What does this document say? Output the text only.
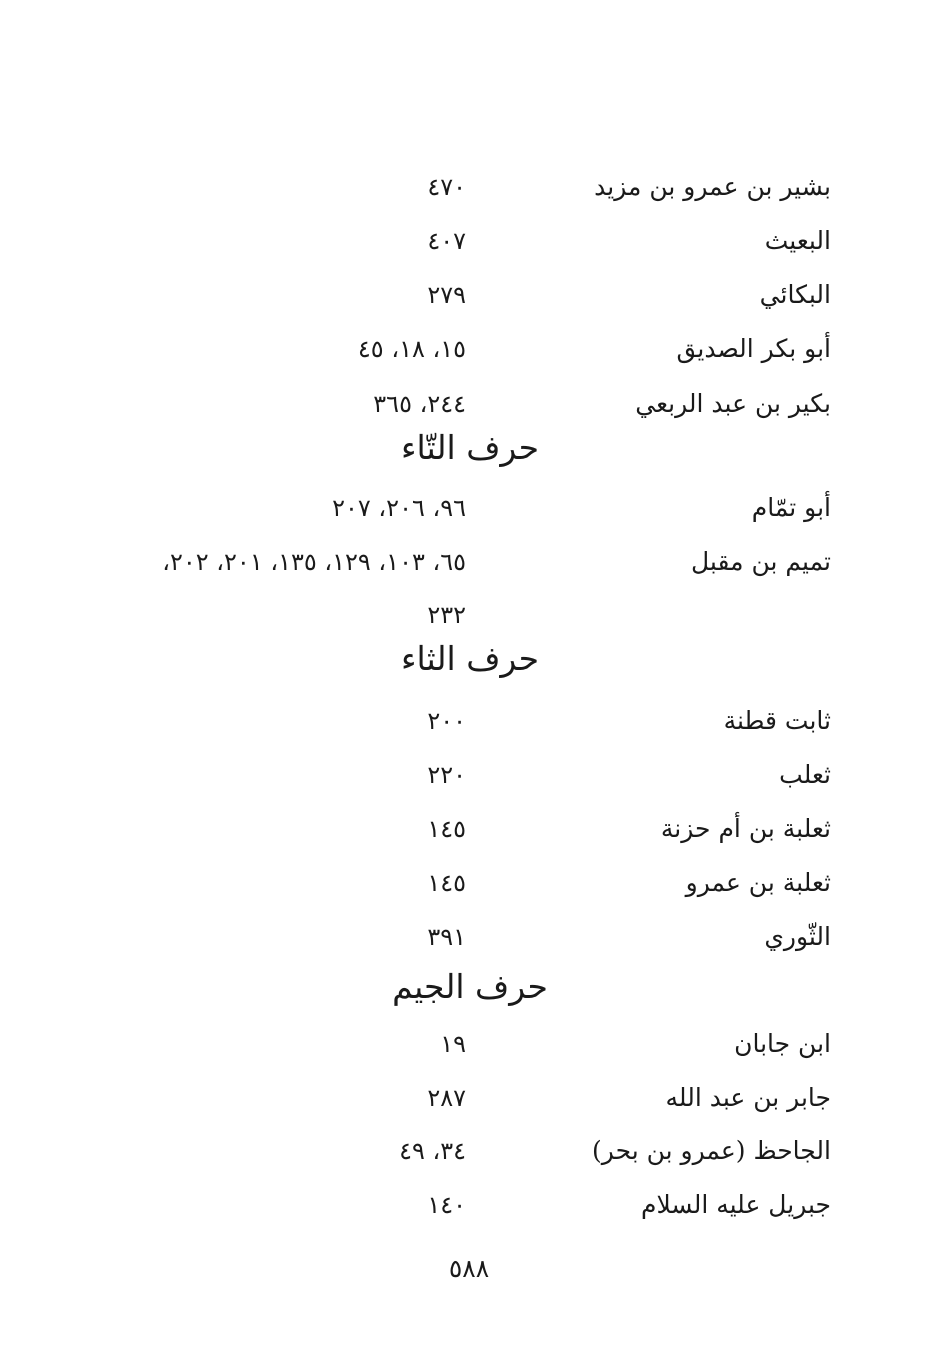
بشير بن عمرو بن مزيد
٤٧٠
البعيث
٤٠٧
البكائي
٢٧٩
أبو بكر الصديق
١٥، ١٨، ٤٥
بكير بن عبد الربعي
٢٤٤، ٣٦٥
حرف التّاء
أبو تمّام
٩٦، ٢٠٦، ٢٠٧
تميم بن مقبل
٦٥، ١٠٣، ١٢٩، ١٣٥، ٢٠١، ٢٠٢،
٢٣٢
حرف الثاء
ثابت قطنة
٢٠٠
ثعلب
٢٢٠
ثعلبة بن أم حزنة
١٤٥
ثعلبة بن عمرو
١٤٥
الثّوري
٣٩١
حرف الجيم
ابن جابان
١٩
جابر بن عبد الله
٢٨٧
الجاحظ (عمرو بن بحر)
٣٤، ٤٩
جبريل عليه السلام
١٤٠
٥٨٨
